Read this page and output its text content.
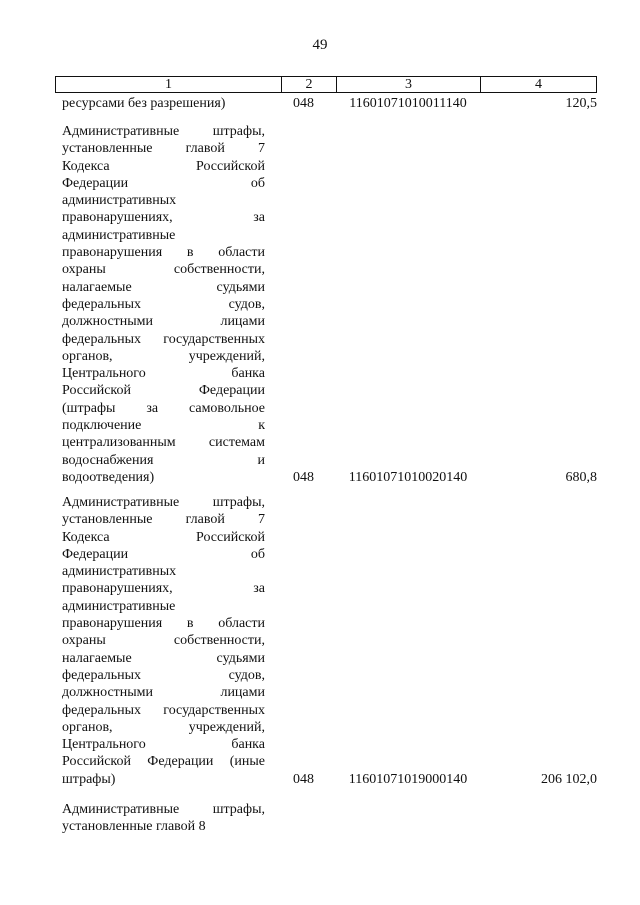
49
1	2	3	4
ресурсами без разрешения)	048	11601071010011140	120,5
Административные штрафы,
установленные главой 7
Кодекса Российской
Федерации об
административных
правонарушениях, за
административные
правонарушения в области
охраны собственности,
налагаемые судьями
федеральных судов,
должностными лицами
федеральных государственных
органов, учреждений,
Центрального банка
Российской Федерации
(штрафы за самовольное
подключение к
централизованным системам
водоснабжения и
водоотведения)	048	11601071010020140	680,8
Административные штрафы,
установленные главой 7
Кодекса Российской
Федерации об
административных
правонарушениях, за
административные
правонарушения в области
охраны собственности,
налагаемые судьями
федеральных судов,
должностными лицами
федеральных государственных
органов, учреждений,
Центрального банка
Российской Федерации (иные
штрафы)	048	11601071019000140	206 102,0
Административные штрафы,
установленные главой 8
